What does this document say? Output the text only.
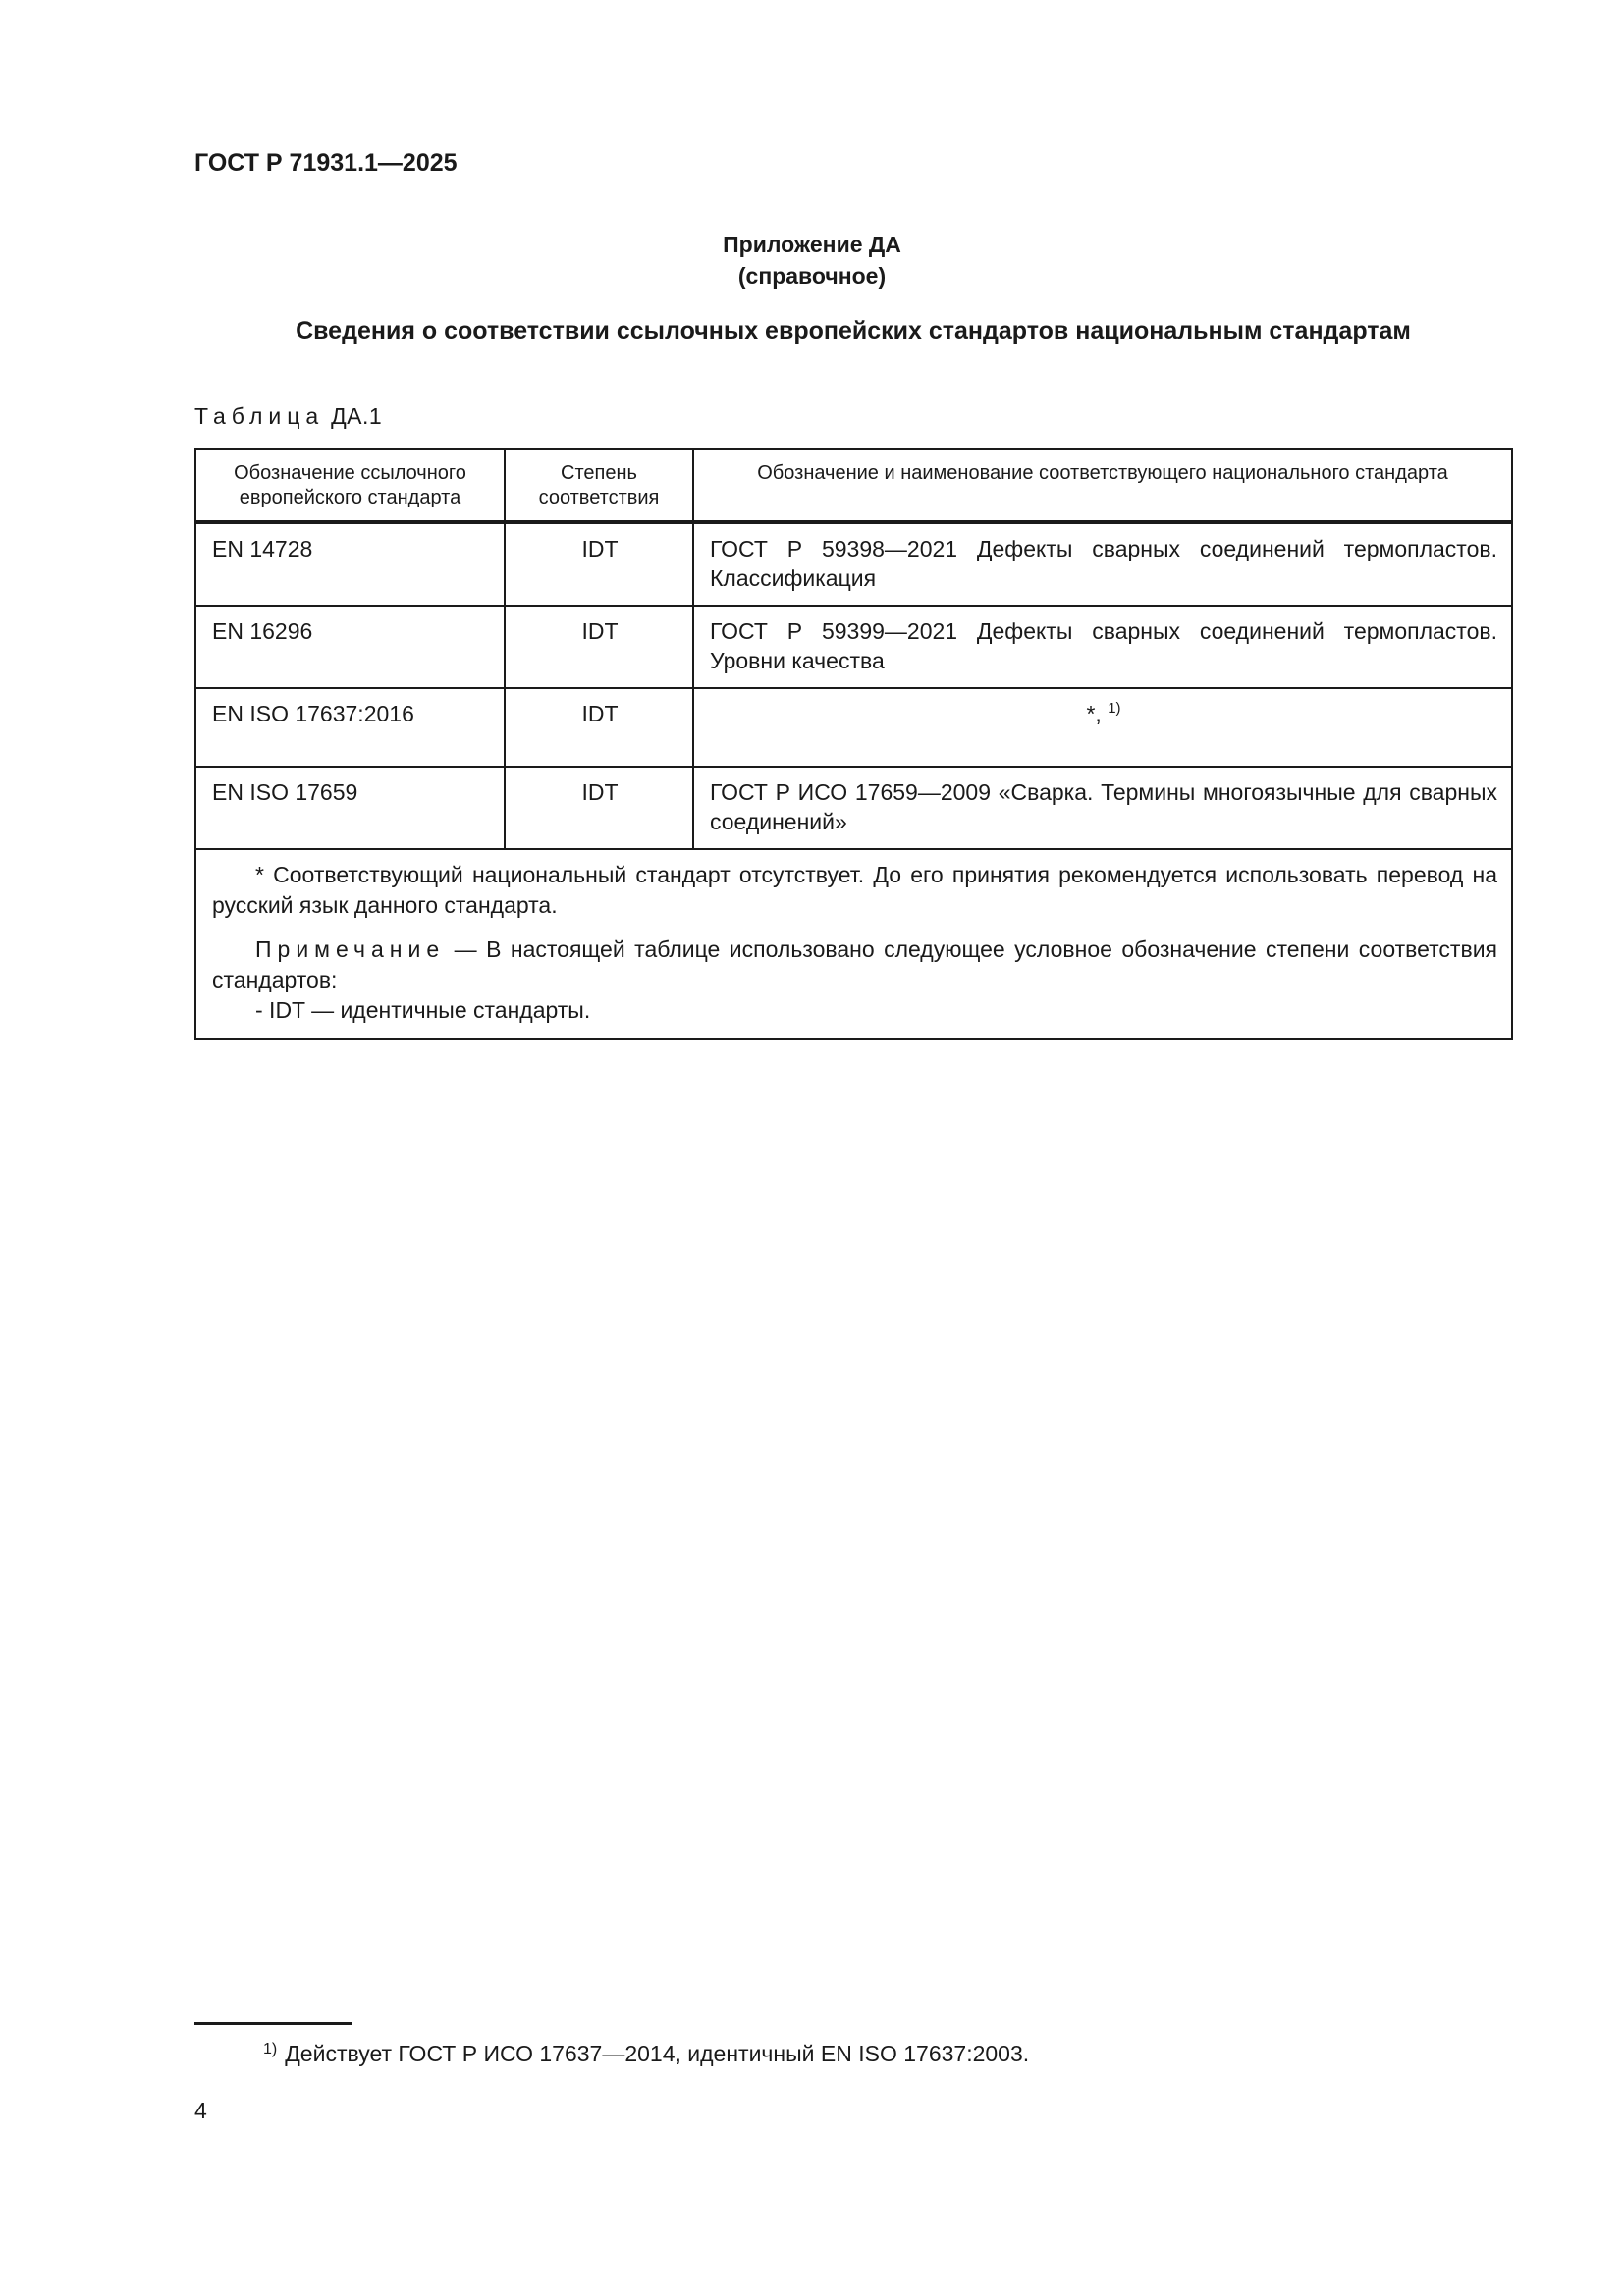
ГОСТ Р 71931.1—2025
Приложение ДА
(справочное)
Сведения о соответствии ссылочных европейских стандартов национальным стандартам
Таблица ДА.1
Обозначение ссылочного европейского стандарта	Степень соответствия	Обозначение и наименование соответствующего национального стандарта
EN 14728	IDT	ГОСТ Р 59398—2021 Дефекты сварных соединений термопластов. Классификация
EN 16296	IDT	ГОСТ Р 59399—2021 Дефекты сварных соединений термопластов. Уровни качества
EN ISO 17637:2016	IDT	*, $^{1)}$
EN ISO 17659	IDT	ГОСТ Р ИСО 17659—2009 «Сварка. Термины многоязычные для сварных соединений»

* Соответствующий национальный стандарт отсутствует. До его принятия рекомендуется использовать перевод на русский язык данного стандарта.

Примечание — В настоящей таблице использовано следующее условное обозначение степени соответствия стандартов:

- IDT — идентичные стандарты.		

$^{1)}$ Действует ГОСТ Р ИСО 17637—2014, идентичный EN ISO 17637:2003.
4
